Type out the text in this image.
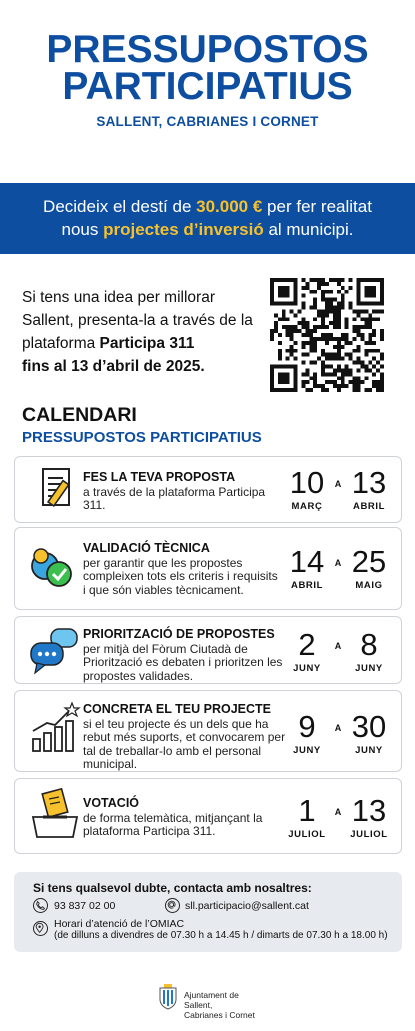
PRESSUPOSTOS
PARTICIPATIUS
SALLENT, CABRIANES I CORNET
Decideix el destí de 30.000 € per fer realitat
nous projectes d’inversió al municipi.
Si tens una idea per millorar Sallent, presenta-la a través de la plataforma Participa 311
fins al 13 d’abril de 2025.
CALENDARI
PRESSUPOSTOS PARTICIPATIUS
FES LA TEVA PROPOSTA
a través de la plataforma Participa 311.
10
MARÇ
A 13
ABRIL
VALIDACIÓ TÈCNICA
per garantir que les propostes compleixen tots els criteris i requisits i que són viables tècnicament.
14
ABRIL
A 25
MAIG
PRIORITZACIÓ DE PROPOSTES
per mitjà del Fòrum Ciutadà de Priorització es debaten i prioritzen les propostes validades.
2
JUNY
A 8
JUNY
CONCRETA EL TEU PROJECTE
si el teu projecte és un dels que ha rebut més suports, et convocarem per tal de treballar-lo amb el personal municipal.
9
JUNY
A 30
JUNY
VOTACIÓ
de forma telemàtica, mitjançant la plataforma Participa 311.
1
JULIOL
A 13
JULIOL
Si tens qualsevol dubte, contacta amb nosaltres:
93 837 02 00	sll.participacio@sallent.cat
Horari d’atenció de l’OMIAC
(de dilluns a divendres de 07.30 h a 14.45 h / dimarts de 07.30 h a 18.00 h)
Ajuntament de Sallent,
Cabrianes i Cornet
